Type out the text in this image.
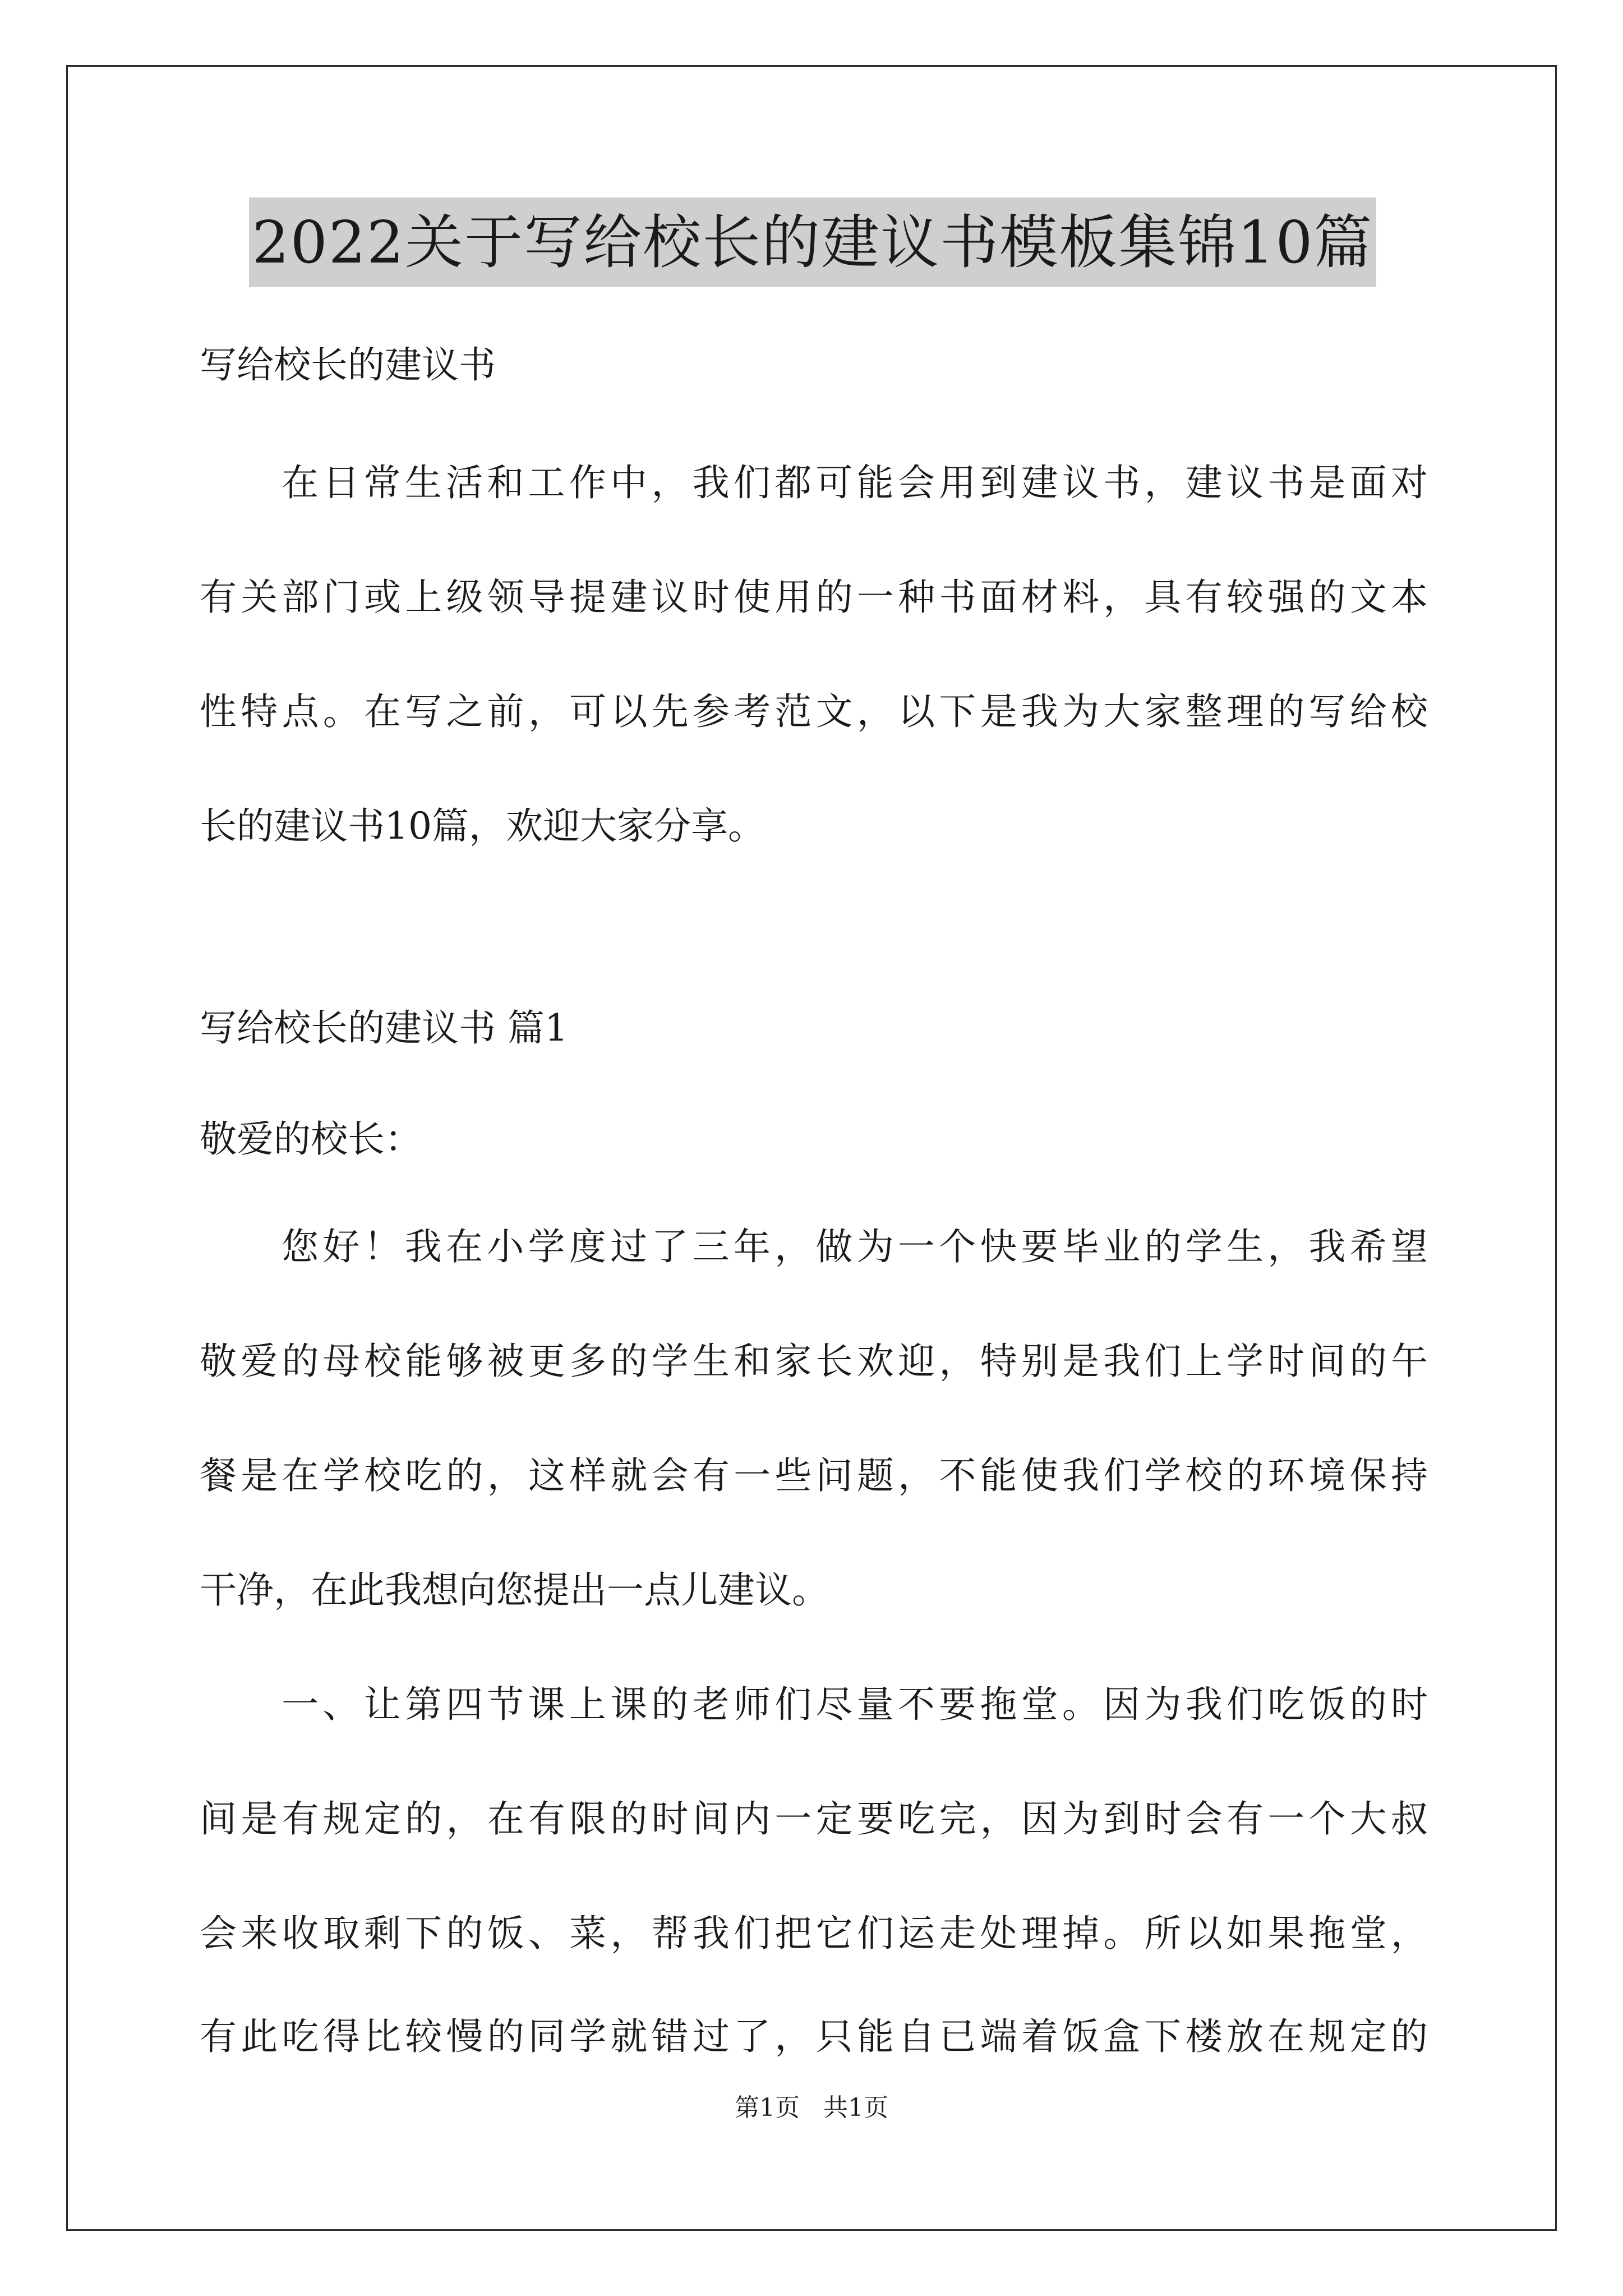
2022关于写给校长的建议书模板集锦10篇
写给校长的建议书
在日常生活和工作中，我们都可能会用到建议书，建议书是面对
有关部门或上级领导提建议时使用的一种书面材料，具有较强的文本
性特点。在写之前，可以先参考范文，以下是我为大家整理的写给校
长的建议书10篇，欢迎大家分享。
写给校长的建议书 篇1
敬爱的校长：
您好！我在小学度过了三年，做为一个快要毕业的学生，我希望
敬爱的母校能够被更多的学生和家长欢迎，特别是我们上学时间的午
餐是在学校吃的，这样就会有一些问题，不能使我们学校的环境保持
干净，在此我想向您提出一点儿建议。
一、让第四节课上课的老师们尽量不要拖堂。因为我们吃饭的时
间是有规定的，在有限的时间内一定要吃完，因为到时会有一个大叔
会来收取剩下的饭、菜，帮我们把它们运走处理掉。所以如果拖堂，
有此吃得比较慢的同学就错过了，只能自已端着饭盒下楼放在规定的
第1页 共1页
